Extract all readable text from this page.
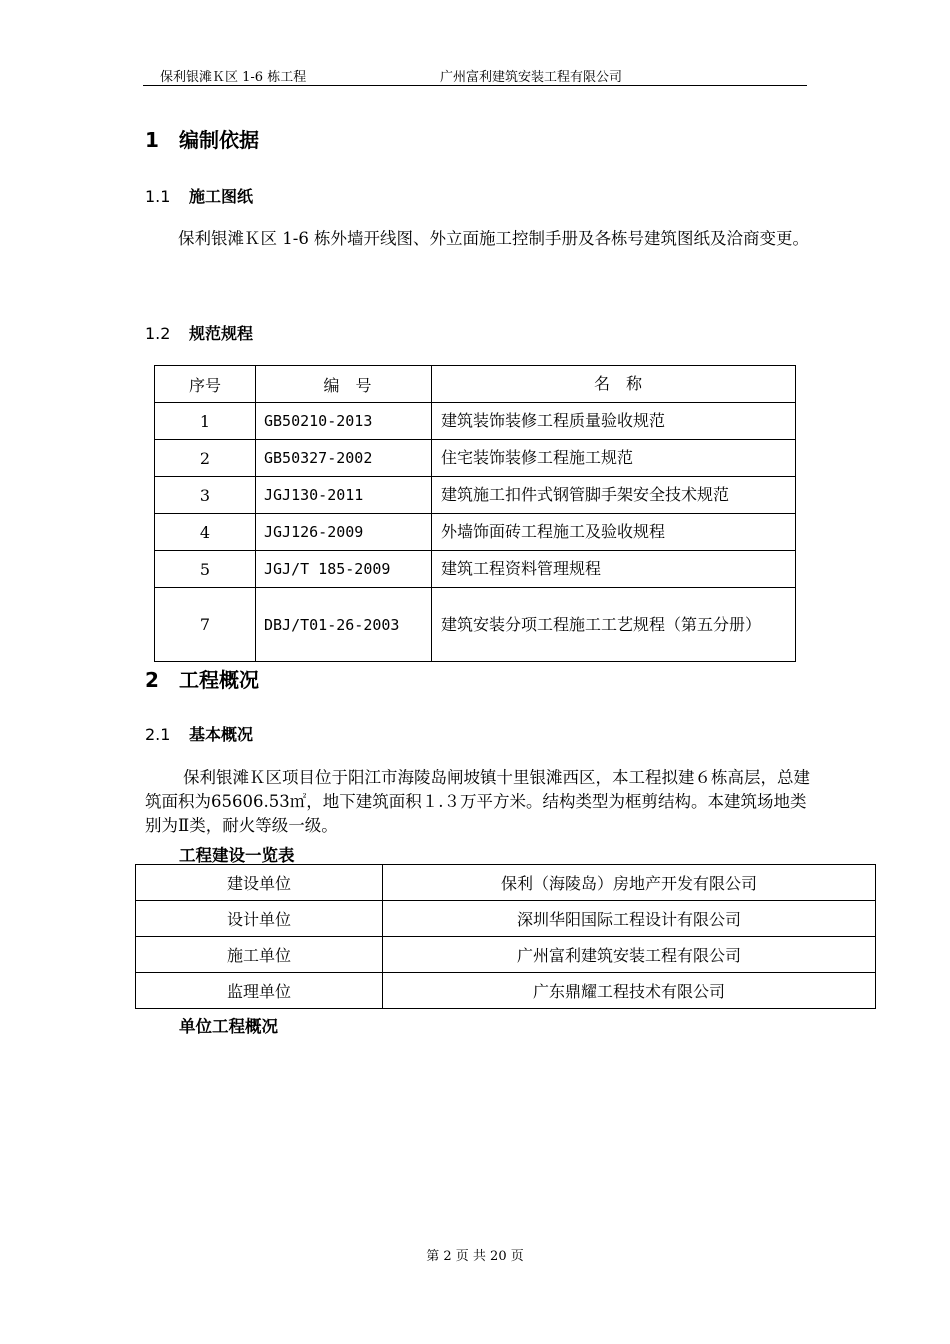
保利银滩Ｋ区 1-6 栋工程	广州富利建筑安装工程有限公司
1 编制依据
1.1 施工图纸
保利银滩Ｋ区 1-6 栋外墙开线图、外立面施工控制手册及各栋号建筑图纸及洽商变更。
1.2 规范规程
序号	编　号	名　称
1	GB50210-2013	建筑装饰装修工程质量验收规范
2	GB50327-2002	住宅装饰装修工程施工规范
3	JGJ130-2011	建筑施工扣件式钢管脚手架安全技术规范
4	JGJ126-2009	外墙饰面砖工程施工及验收规程
5	JGJ/T 185-2009	建筑工程资料管理规程
7	DBJ/T01-26-2003	建筑安装分项工程施工工艺规程（第五分册）
2 工程概况
2.1 基本概况
保利银滩Ｋ区项目位于阳江市海陵岛闸坡镇十里银滩西区，本工程拟建６栋高层，总建筑面积为65606.53㎡，地下建筑面积１.３万平方米。结构类型为框剪结构。本建筑场地类别为Ⅱ类，耐火等级一级。
工程建设一览表
建设单位	保利（海陵岛）房地产开发有限公司
设计单位	深圳华阳国际工程设计有限公司
施工单位	广州富利建筑安装工程有限公司
监理单位	广东鼎耀工程技术有限公司
单位工程概况
第 2 页 共 20 页
